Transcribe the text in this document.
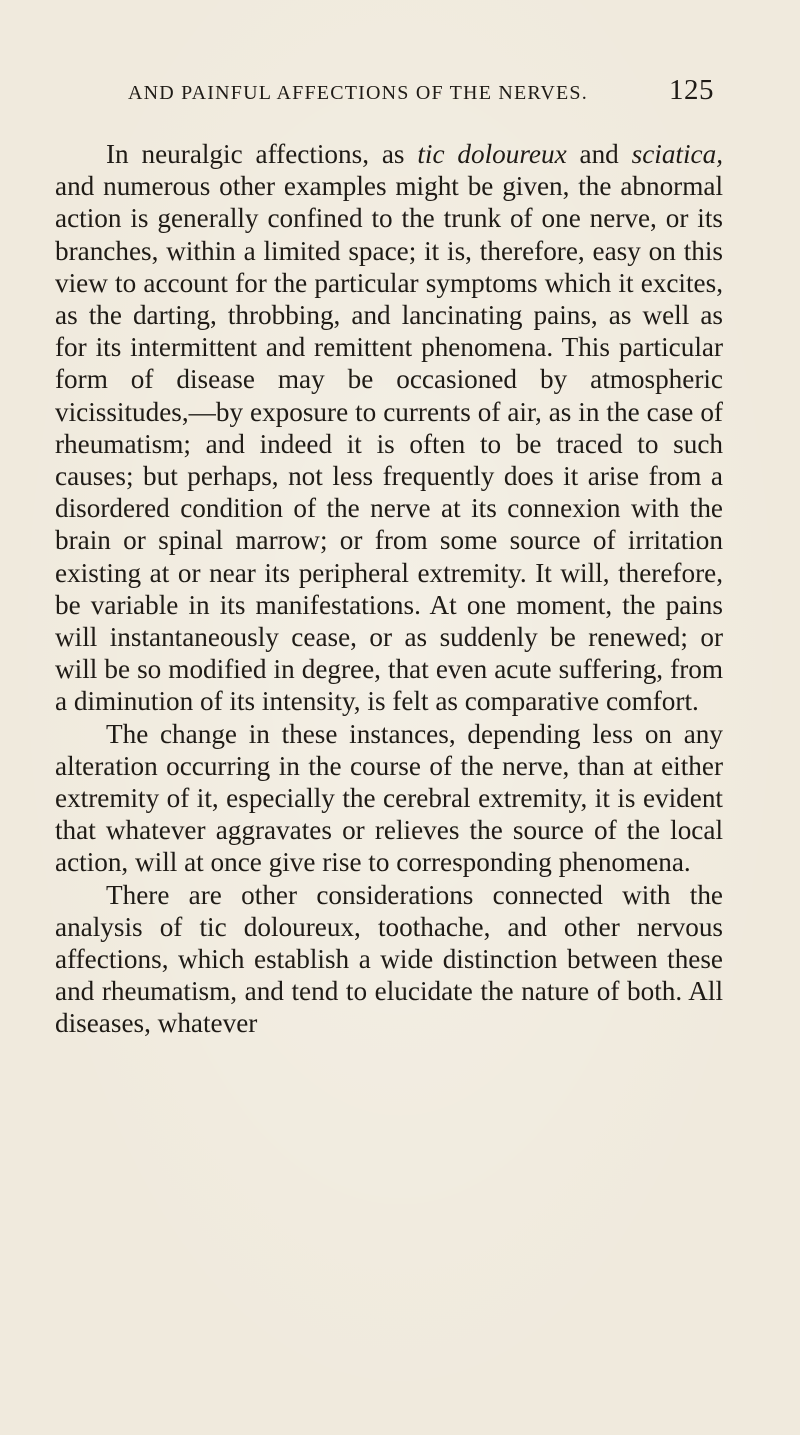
AND PAINFUL AFFECTIONS OF THE NERVES.	125

In neuralgic affections, as tic doloureux and sciatica, and numerous other examples might be given, the abnormal action is generally confined to the trunk of one nerve, or its branches, within a limited space; it is, therefore, easy on this view to account for the particular symptoms which it excites, as the darting, throbbing, and lancinating pains, as well as for its intermittent and remittent phenomena. This particular form of disease may be occasioned by atmospheric vicissitudes,—by exposure to currents of air, as in the case of rheumatism; and indeed it is often to be traced to such causes; but perhaps, not less frequently does it arise from a disordered condition of the nerve at its connexion with the brain or spinal marrow; or from some source of irritation existing at or near its peripheral extremity. It will, therefore, be variable in its manifestations. At one moment, the pains will instantaneously cease, or as suddenly be renewed; or will be so modified in degree, that even acute suffering, from a diminution of its intensity, is felt as comparative comfort.

The change in these instances, depending less on any alteration occurring in the course of the nerve, than at either extremity of it, especially the cerebral extremity, it is evident that whatever aggravates or relieves the source of the local action, will at once give rise to corresponding phenomena.

There are other considerations connected with the analysis of tic doloureux, toothache, and other nervous affections, which establish a wide distinction between these and rheumatism, and tend to elucidate the nature of both. All diseases, whatever
